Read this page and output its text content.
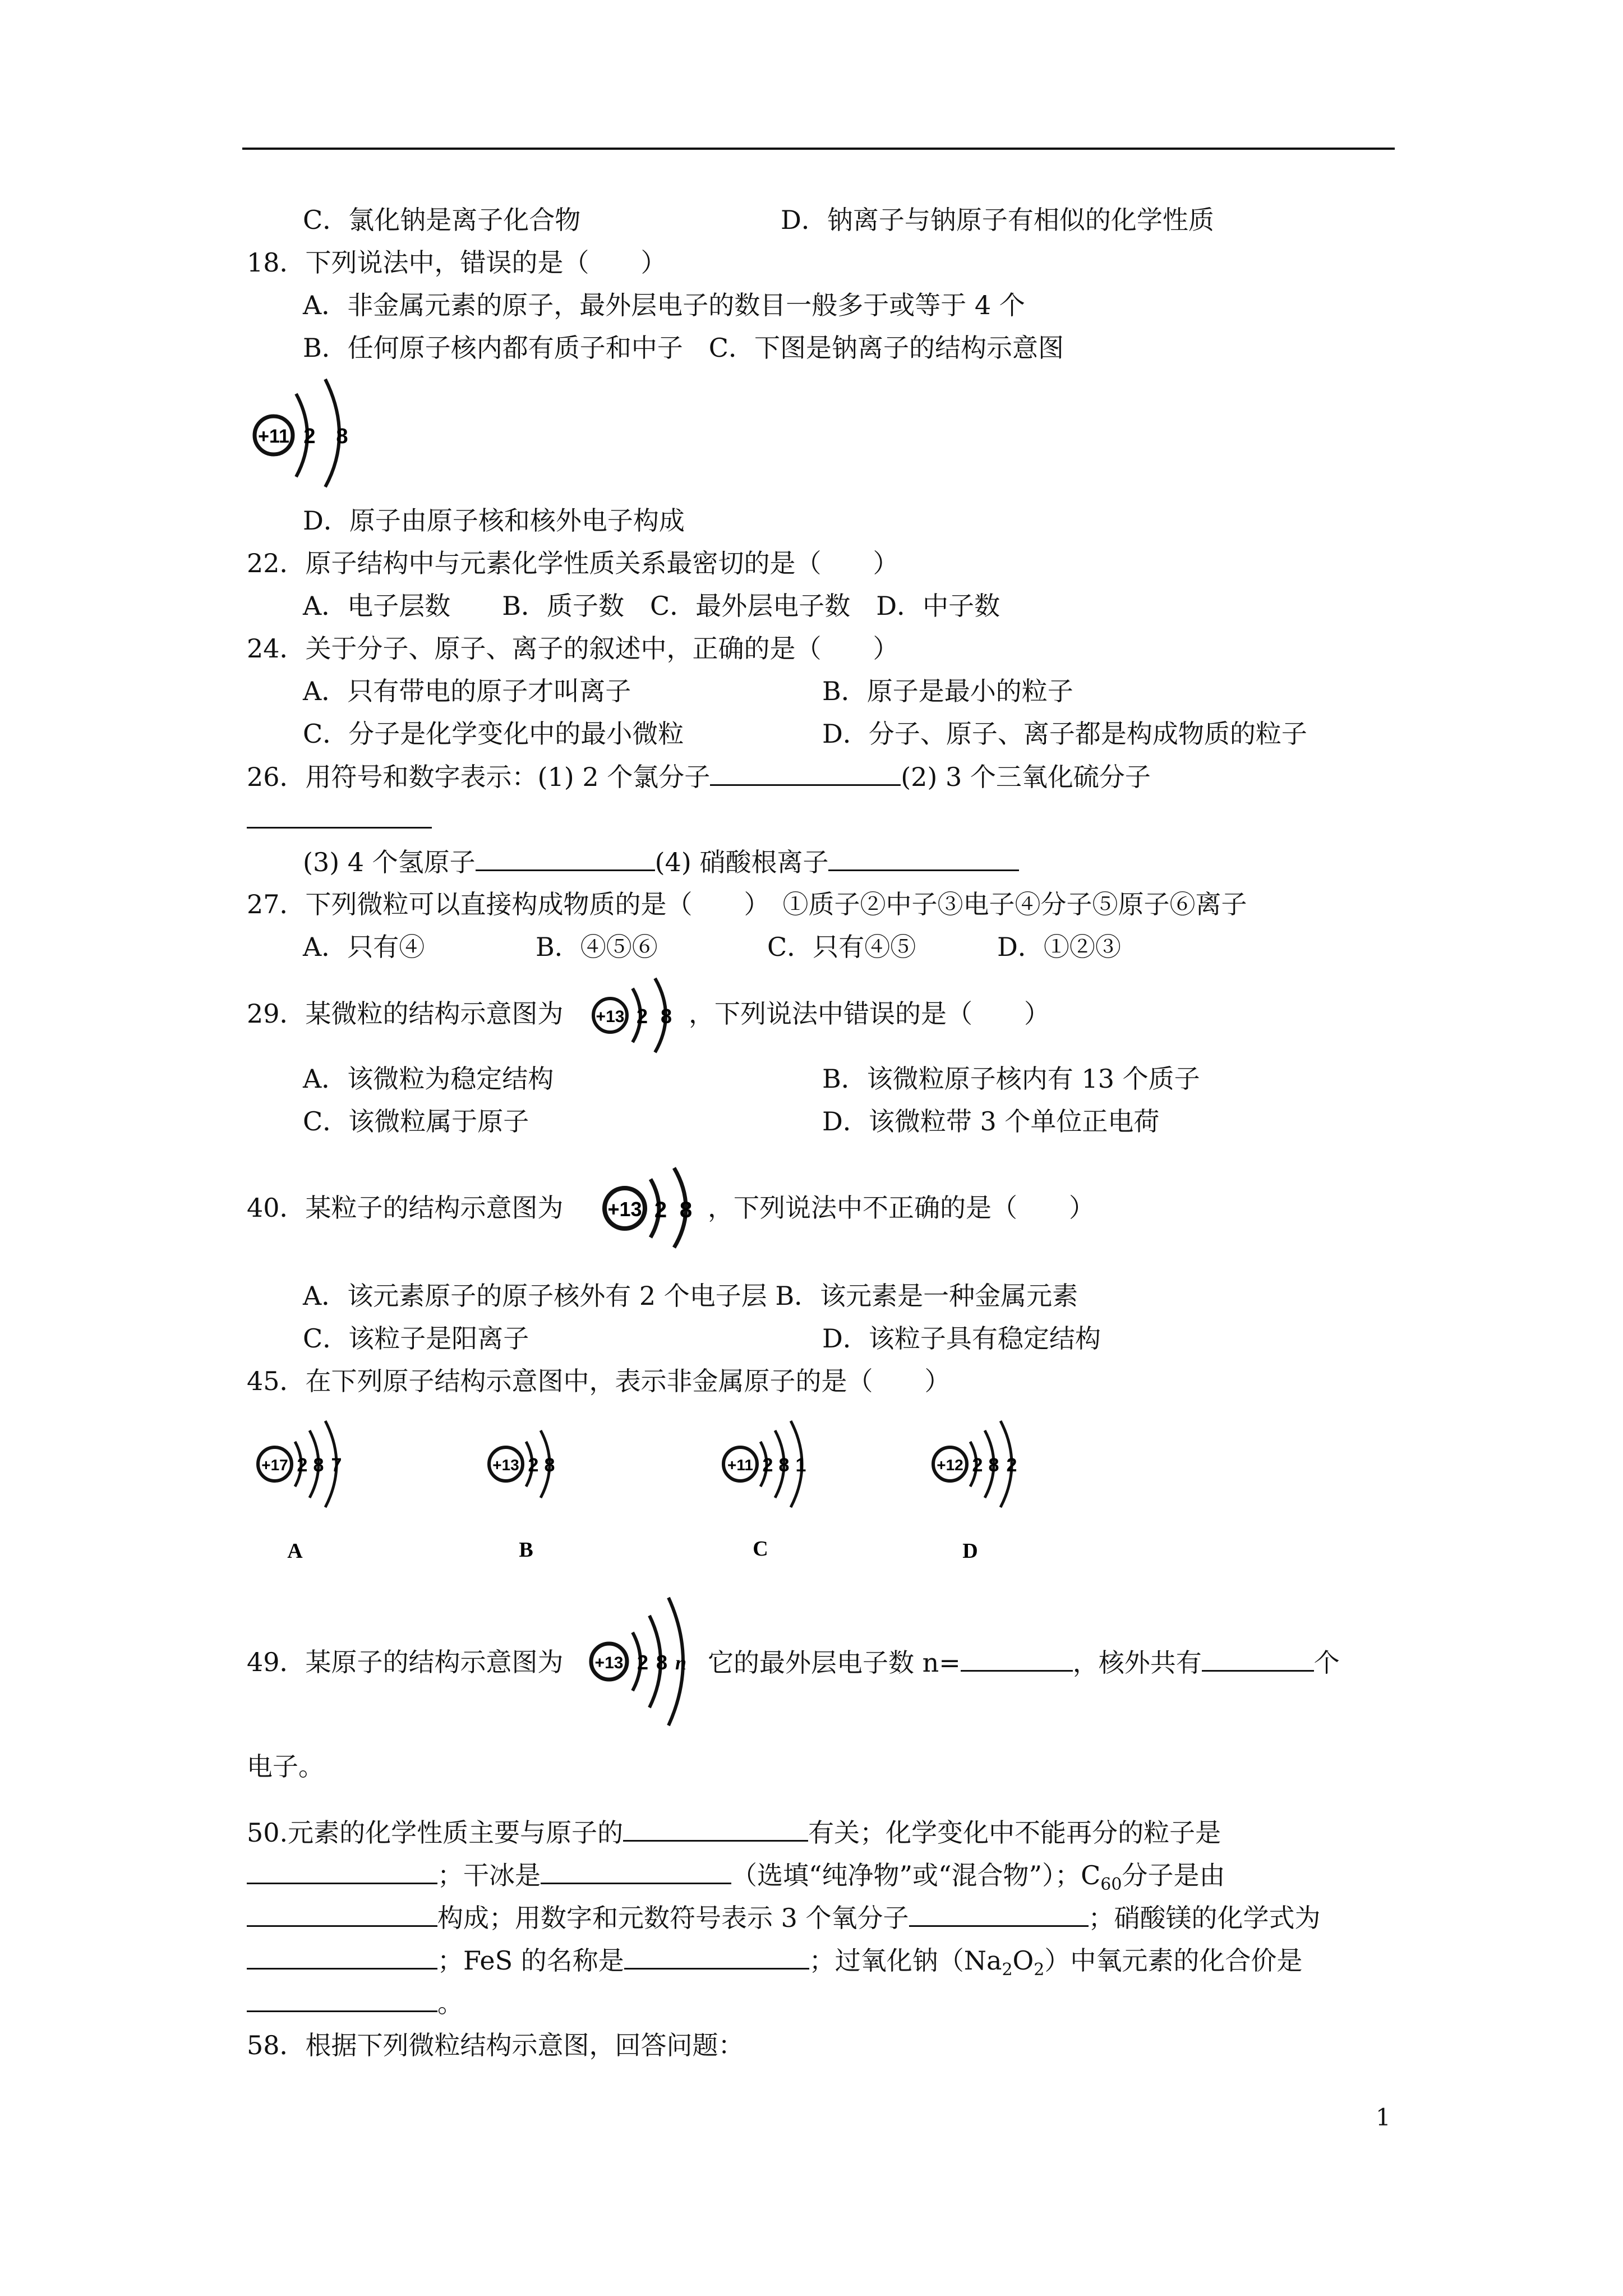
C．氯化钠是离子化合物	D．钠离子与钠原子有相似的化学性质
18．下列说法中，错误的是（　　）
A．非金属元素的原子，最外层电子的数目一般多于或等于 4 个
B．任何原子核内都有质子和中子　C．下图是钠离子的结构示意图
+11 2 8
D．原子由原子核和核外电子构成
22．原子结构中与元素化学性质关系最密切的是（　　）
A．电子层数　　B．质子数　C．最外层电子数　D．中子数
24．关于分子、原子、离子的叙述中，正确的是（　　）
A．只有带电的原子才叫离子	B．原子是最小的粒子
C．分子是化学变化中的最小微粒	D．分子、原子、离子都是构成物质的粒子
26．用符号和数字表示：(1) 2 个氯分子	(2) 3 个三氧化硫分子
(3) 4 个氢原子	(4) 硝酸根离子
27．下列微粒可以直接构成物质的是（　　）　①质子②中子③电子④分子⑤原子⑥离子
A．只有④	B．④⑤⑥	C．只有④⑤	D．①②③
29．某微粒的结构示意图为 +13 2 8 ，下列说法中错误的是（　　）
A．该微粒为稳定结构	B．该微粒原子核内有 13 个质子
C．该微粒属于原子	D．该微粒带 3 个单位正电荷
40．某粒子的结构示意图为 +13 2 8 ，下列说法中不正确的是（　　）
A．该元素原子的原子核外有 2 个电子层 B．该元素是一种金属元素
C．该粒子是阳离子	D．该粒子具有稳定结构
45．在下列原子结构示意图中，表示非金属原子的是（　　）
+17 2 8 7
A
+13 2 8
B
+11 2 8 1
C
+12 2 8 2
D
49．某原子的结构示意图为 +13 2 8 n 它的最外层电子数 n=	，核外共有	个
电子。
50.元素的化学性质主要与原子的	有关；化学变化中不能再分的粒子是
；干冰是	（选填“纯净物”或“混合物”）；$C_{60}$分子是由
构成；用数字和元数符号表示 3 个氧分子	；硝酸镁的化学式为
；FeS 的名称是	；过氧化钠$(Na_2O_2)$中氧元素的化合价是
。
58．根据下列微粒结构示意图，回答问题：
1
